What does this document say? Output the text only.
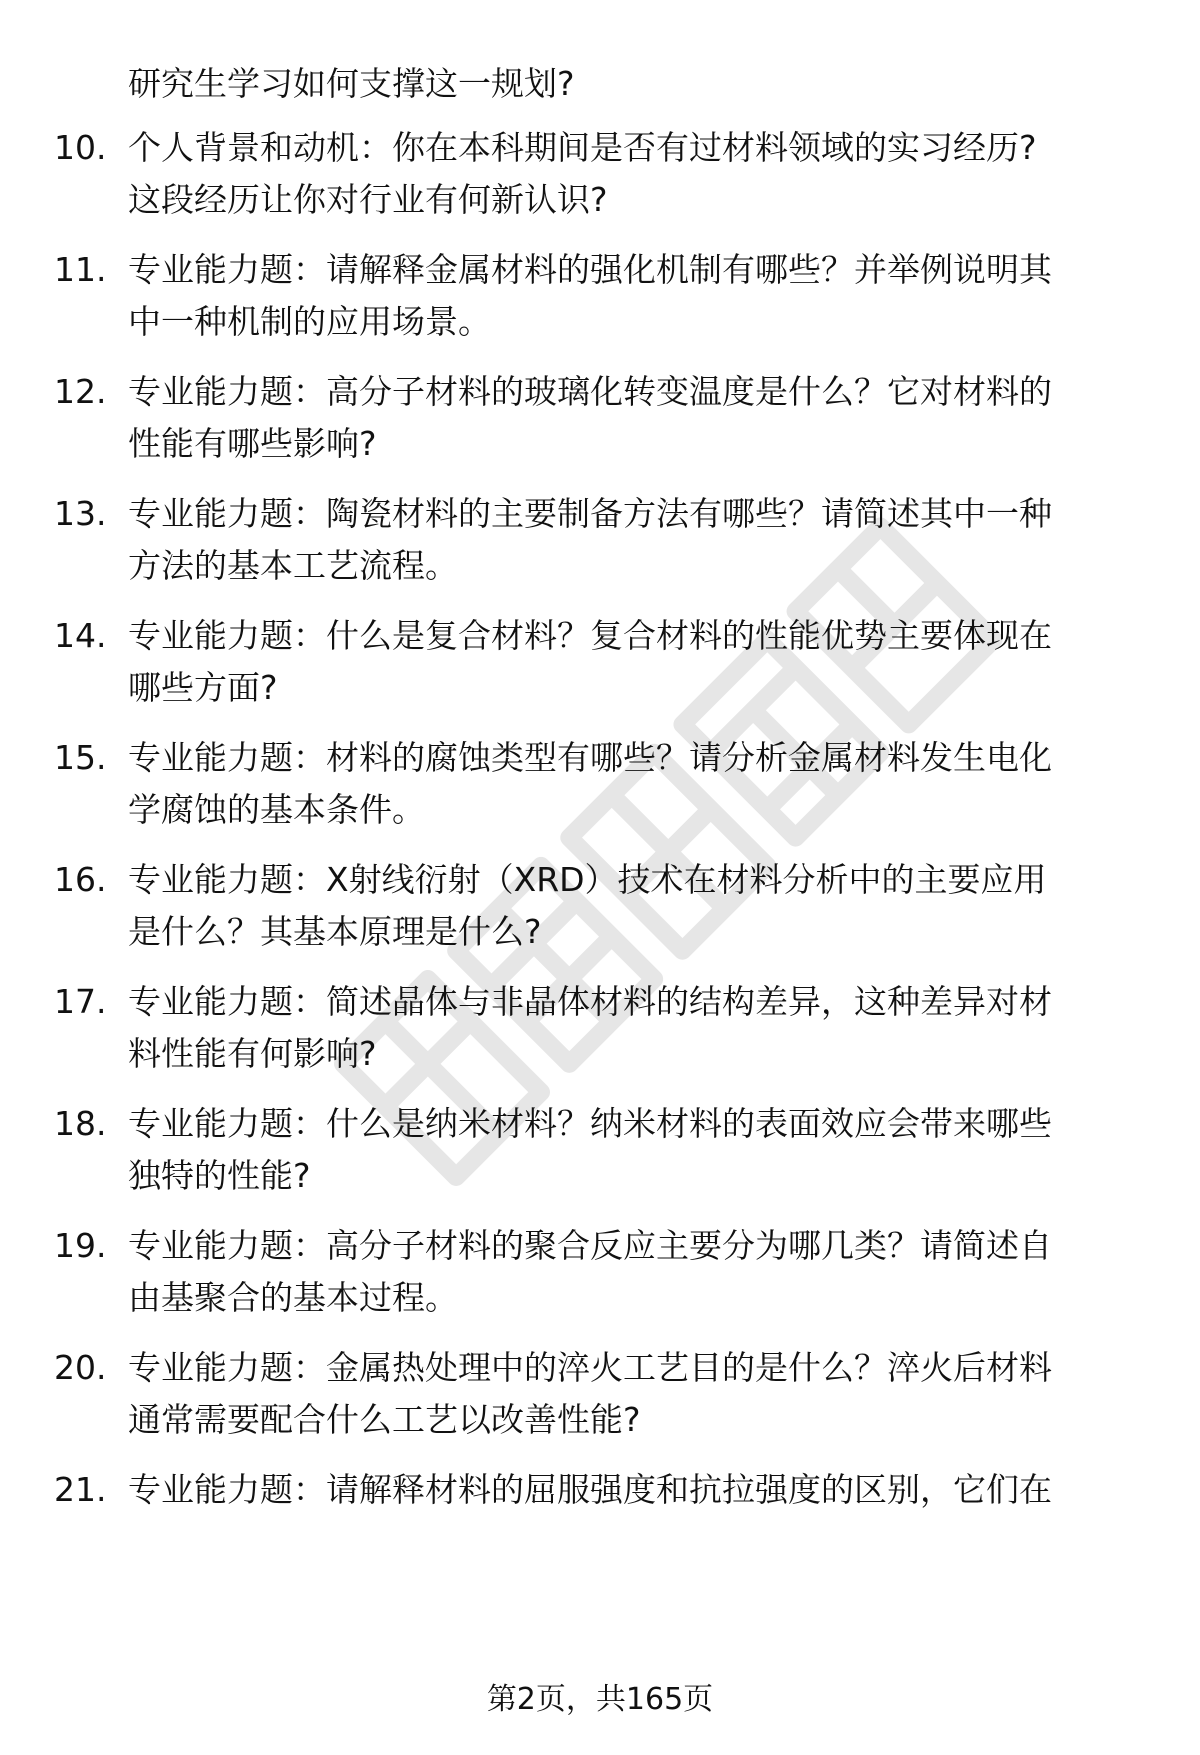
研究生学习如何支撑这一规划?
10. 个人背景和动机：你在本科期间是否有过材料领域的实习经历?
这段经历让你对行业有何新认识?
11. 专业能力题：请解释金属材料的强化机制有哪些？并举例说明其
中一种机制的应用场景。
12. 专业能力题：高分子材料的玻璃化转变温度是什么？它对材料的
性能有哪些影响?
13. 专业能力题：陶瓷材料的主要制备方法有哪些？请简述其中一种
方法的基本工艺流程。
14. 专业能力题：什么是复合材料？复合材料的性能优势主要体现在
哪些方面?
15. 专业能力题：材料的腐蚀类型有哪些？请分析金属材料发生电化
学腐蚀的基本条件。
16. 专业能力题：X射线衍射（XRD）技术在材料分析中的主要应用
是什么？其基本原理是什么?
17. 专业能力题：简述晶体与非晶体材料的结构差异，这种差异对材
料性能有何影响?
18. 专业能力题：什么是纳米材料？纳米材料的表面效应会带来哪些
独特的性能?
19. 专业能力题：高分子材料的聚合反应主要分为哪几类？请简述自
由基聚合的基本过程。
20. 专业能力题：金属热处理中的淬火工艺目的是什么？淬火后材料
通常需要配合什么工艺以改善性能?
21. 专业能力题：请解释材料的屈服强度和抗拉强度的区别，它们在
第2页，共165页
